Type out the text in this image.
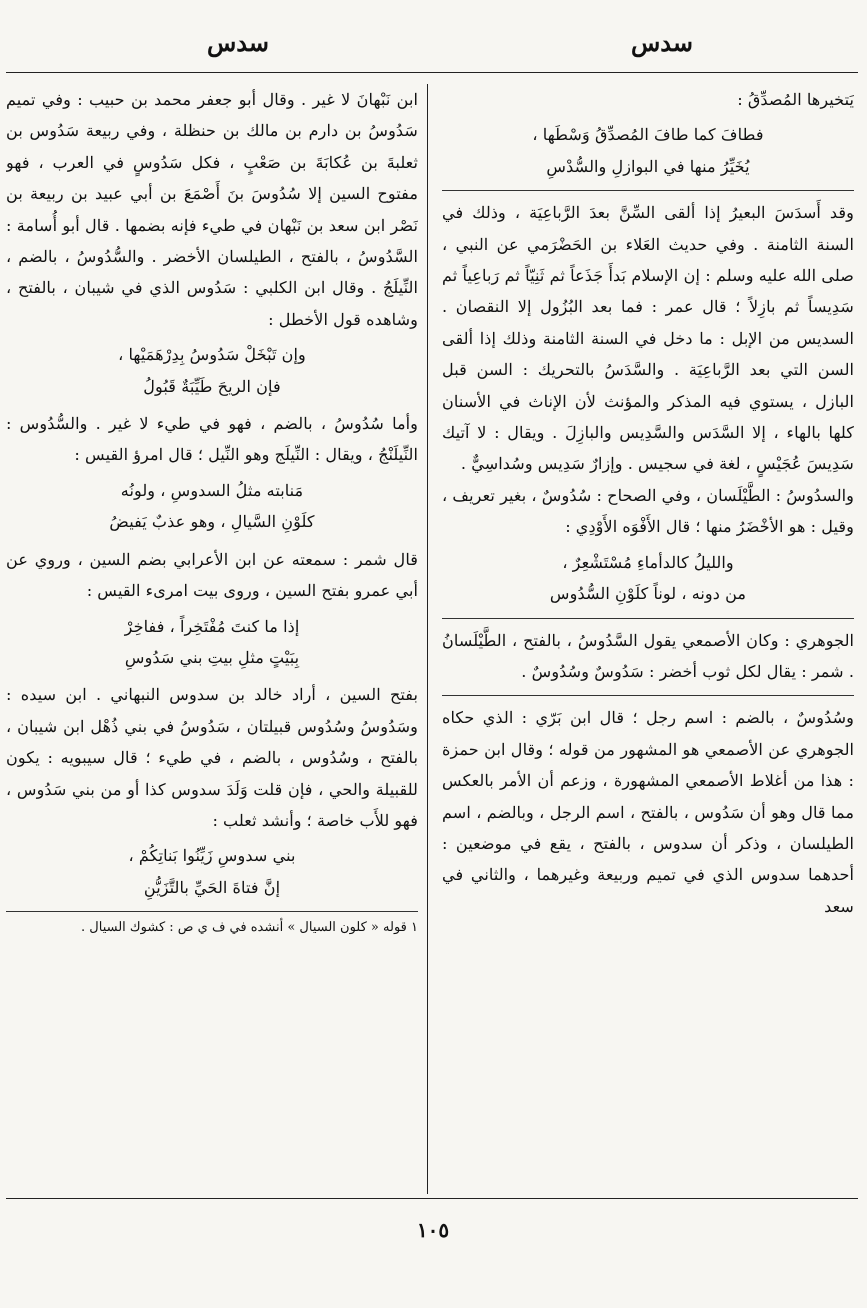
سدس
سدس

يَتخيرها المُصدِّقُ :

فطافَ كما طافَ المُصدِّقُ وَسْطَها ،
يُخَيِّرُ منها في البوازلِ والسُّدْسِ

وقد أَسدَسَ البعيرُ إذا ألقى السِّنَّ بعدَ الرَّباعِيَة ، وذلك في السنة الثامنة . وفي حديث العَلاء بن الحَضْرَمي عن النبي ، صلى الله عليه وسلم : إن الإسلام بَدأَ جَذَعاً ثم ثَنِيّاً ثم رَباعِياً ثم سَدِيساً ثم بازِلاً ؛ قال عمر : فما بعد البُزُول إلا النقصان . السديس من الإبل : ما دخل في السنة الثامنة وذلك إذا ألقى السن التي بعد الرَّباعِيَة . والسَّدَسُ بالتحريك : السن قبل البازل ، يستوي فيه المذكر والمؤنث لأن الإناث في الأسنان كلها بالهاء ، إلا السَّدَس والسَّدِيس والبازِلَ . ويقال : لا آتيك سَدِيسَ عُجَيْسٍ ، لغة في سجيس . وإزارٌ سَدِيس وسُداسِيٌّ .

والسدُوسُ : الطَّيْلَسان ، وفي الصحاح : سُدُوسٌ ، بغير تعريف ، وقيل : هو الأخْضَرُ منها ؛ قال الأَفْوَه الأَوْدِي :

والليلُ كالدأماءِ مُسْتَشْعِرٌ ،
من دونه ، لوناً كلَوْنِ السُّدُوس

الجوهري : وكان الأصمعي يقول السَّدُوسُ ، بالفتح ، الطَّيْلَسانُ . شمر : يقال لكل ثوب أخضر : سَدُوسٌ وسُدُوسٌ .

وسُدُوسٌ ، بالضم : اسم رجل ؛ قال ابن بَرّي : الذي حكاه الجوهري عن الأصمعي هو المشهور من قوله ؛ وقال ابن حمزة : هذا من أغلاط الأصمعي المشهورة ، وزعم أن الأمر بالعكس مما قال وهو أن سَدُوس ، بالفتح ، اسم الرجل ، وبالضم ، اسم الطيلسان ، وذكر أن سدوس ، بالفتح ، يقع في موضعين : أحدهما سدوس الذي في تميم وربيعة وغيرهما ، والثاني في سعد

ابن نَبْهانَ لا غير . وقال أبو جعفر محمد بن حبيب : وفي تميم سَدُوسُ بن دارم بن مالك بن حنظلة ، وفي ربيعة سَدُوس بن ثعلبةَ بن عُكابَةَ بن صَعْبٍ ، فكل سَدُوسٍ في العرب ، فهو مفتوح السين إلا سُدُوسَ بنَ أَصْمَعَ بن أبي عبيد بن ربيعة بن نَصْر ابن سعد بن نَبْهان في طيء فإنه بضمها . قال أبو أُسامة : السَّدُوسُ ، بالفتح ، الطيلسان الأخضر . والسُّدُوسُ ، بالضم ، النِّيلَجُ . وقال ابن الكلبي : سَدُوس الذي في شيبان ، بالفتح ، وشاهده قول الأخطل :

وإن تَبْخَلْ سَدُوسُ بِدِرْهَمَيْها ،
فإن الريحَ طَيِّبَةٌ قَبُولُ

وأما سُدُوسُ ، بالضم ، فهو في طيء لا غير . والسُّدُوس : النِّيلَنْجُ ، ويقال : النِّيلَج وهو النِّيل ؛ قال امرؤ القيس :

مَنابته مثلُ السدوسِ ، ولونُه
كلَوْنِ السَّيالِ ، وهو عذبٌ يَفيضُ

قال شمر : سمعته عن ابن الأعرابي بضم السين ، وروي عن أبي عمرو بفتح السين ، وروى بيت امرىء القيس :

إذا ما كنتَ مُفْتَخِراً ، ففاخِرْ
بِبَيْتٍ مثلِ بيتِ بني سَدُوسِ

بفتح السين ، أراد خالد بن سدوس النبهاني . ابن سيده : وسَدُوسُ وسُدُوس قبيلتان ، سَدُوسُ في بني ذُهْل ابن شيبان ، بالفتح ، وسُدُوس ، بالضم ، في طيء ؛ قال سيبويه : يكون للقبيلة والحي ، فإن قلت وَلَدَ سدوس كذا أو من بني سَدُوس ، فهو للأَب خاصة ؛ وأنشد ثعلب :

بني سدوسِ زَيِّنُوا بَناتِكُمْ ،
إنَّ فتاةَ الحَيِّ بالتَّزَيُّنِ

١ قوله « كلون السيال » أنشده في ف ي ص : كشوك السيال .

١٠٥
